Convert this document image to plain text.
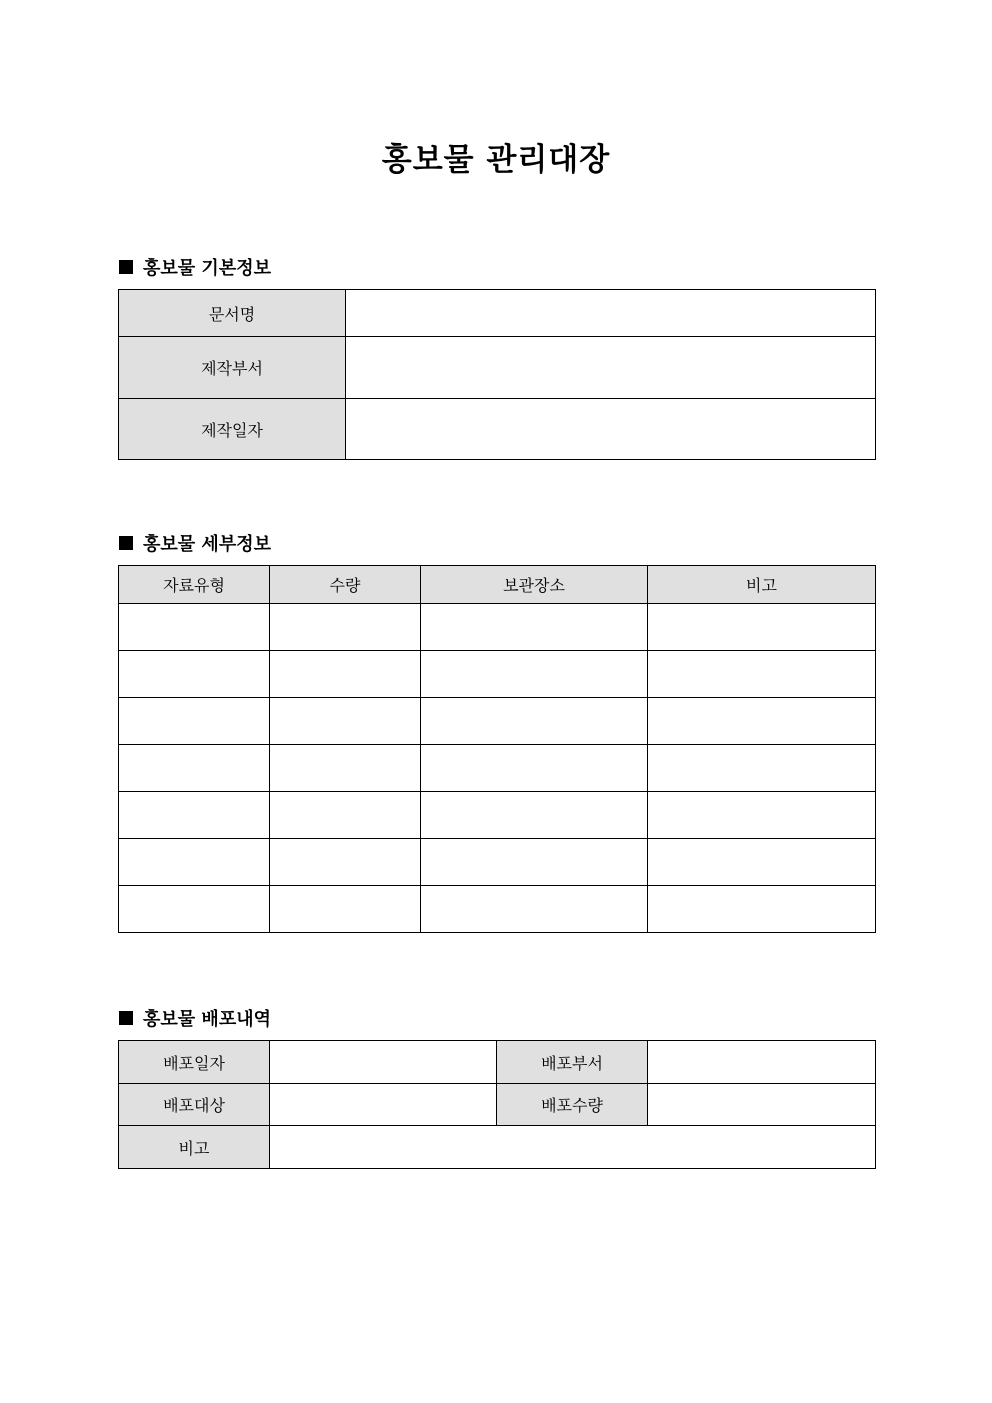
홍보물 관리대장
홍보물 기본정보
문서명	
제작부서	
제작일자	
홍보물 세부정보
자료유형	수량	보관장소	비고

홍보물 배포내역
배포일자		배포부서	
배포대상		배포수량	
비고			
